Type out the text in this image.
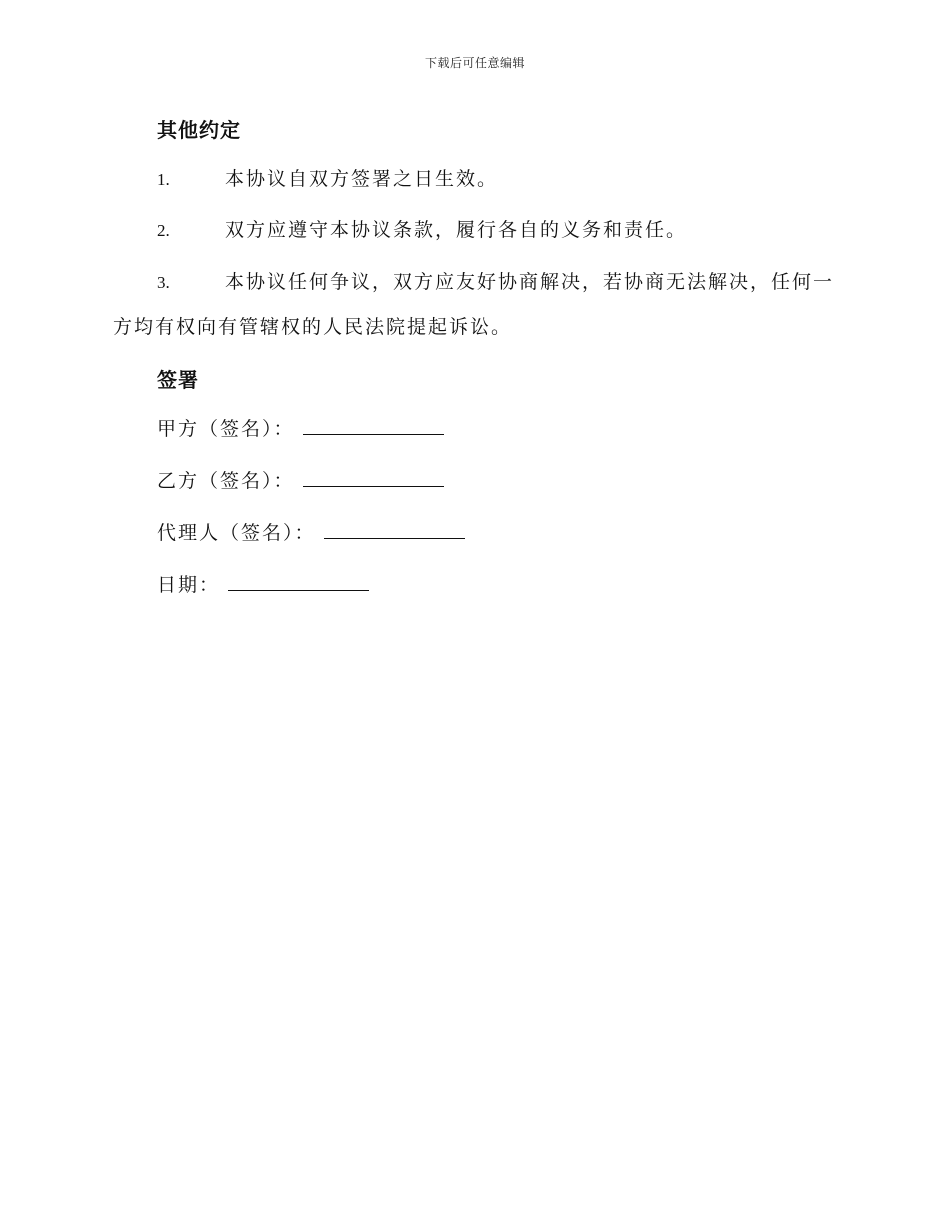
下载后可任意编辑
其他约定
1.	本协议自双方签署之日生效。
2.	双方应遵守本协议条款，履行各自的义务和责任。
3.	本协议任何争议，双方应友好协商解决，若协商无法解决，任何一方均有权向有管辖权的人民法院提起诉讼。
签署
甲方（签名）：
乙方（签名）：
代理人（签名）：
日期：
